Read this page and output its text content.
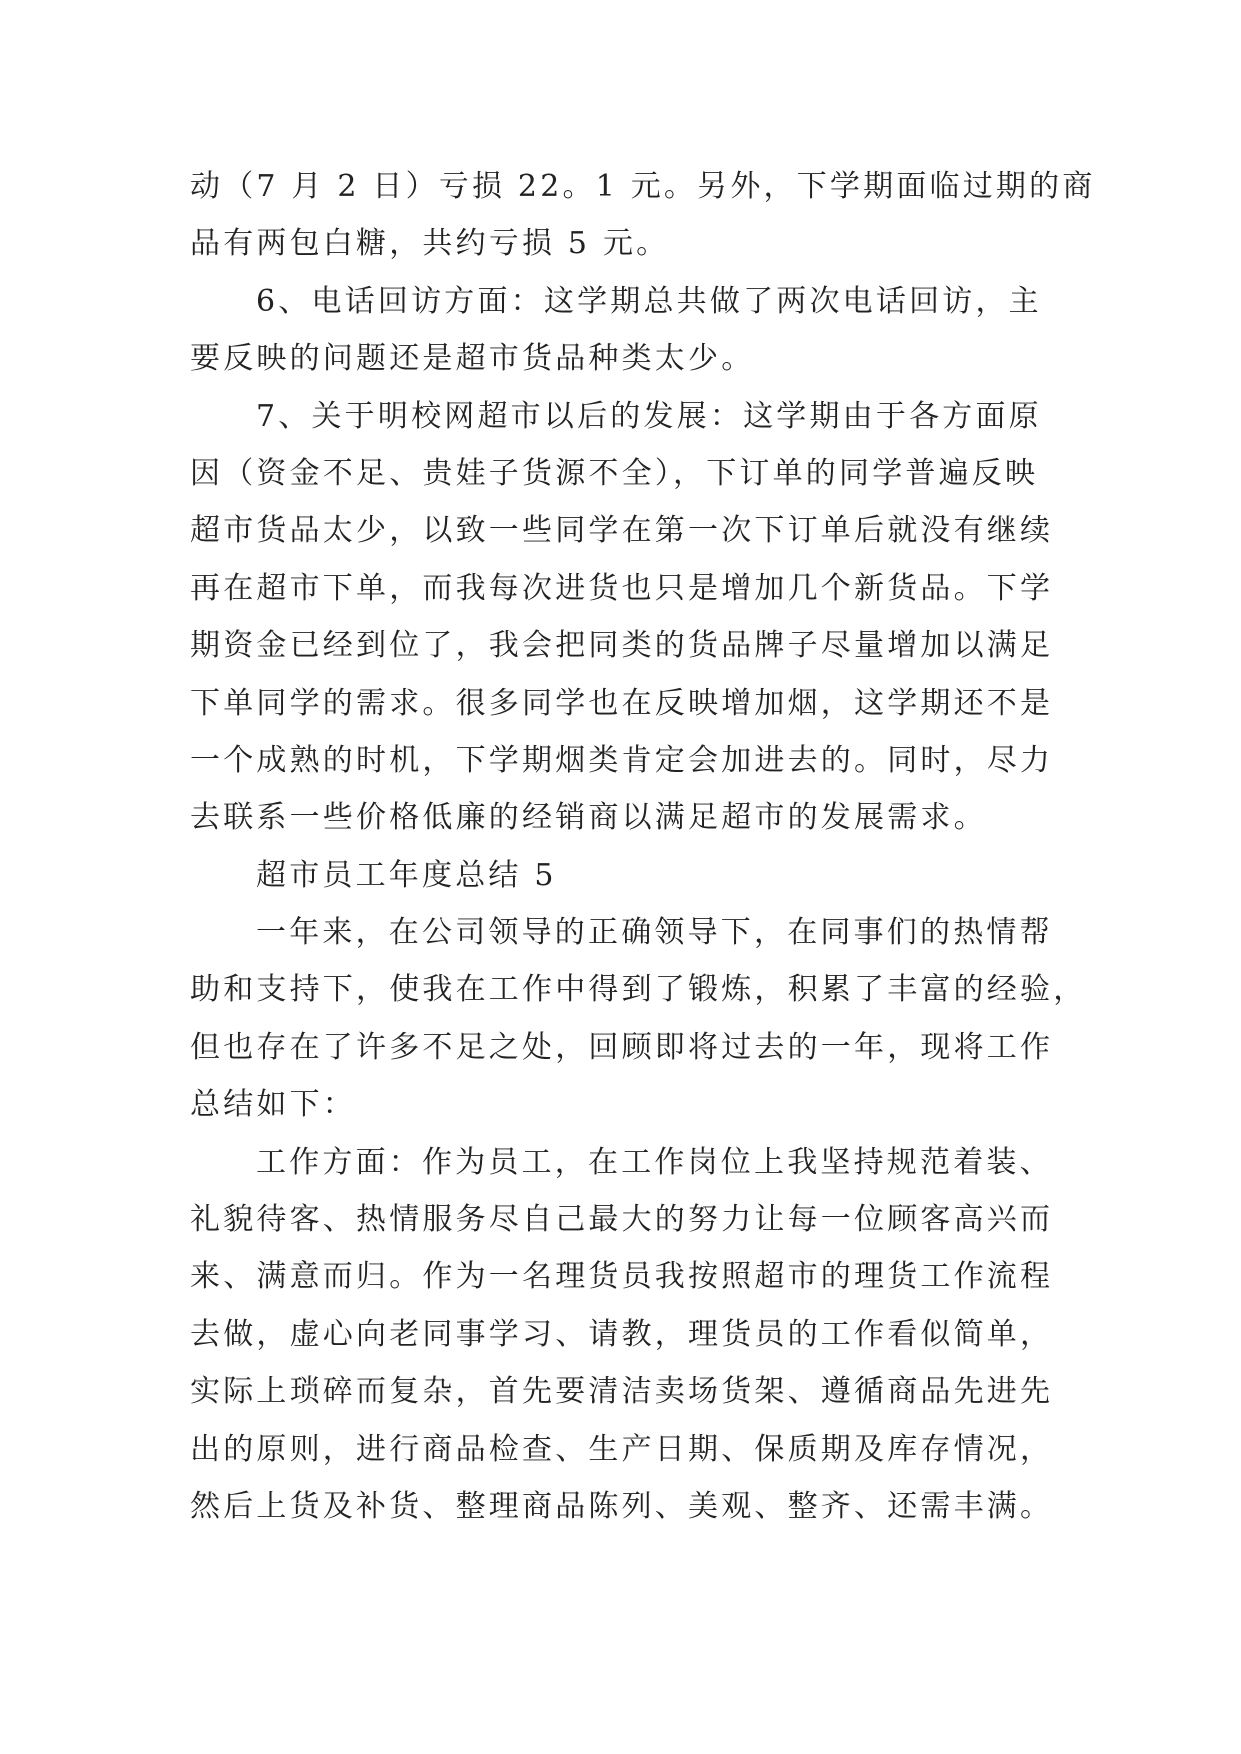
动（7 月 2 日）亏损 22。1 元。另外，下学期面临过期的商
品有两包白糖，共约亏损 5 元。
6、电话回访方面：这学期总共做了两次电话回访，主
要反映的问题还是超市货品种类太少。
7、关于明校网超市以后的发展：这学期由于各方面原
因（资金不足、贵娃子货源不全），下订单的同学普遍反映
超市货品太少，以致一些同学在第一次下订单后就没有继续
再在超市下单，而我每次进货也只是增加几个新货品。下学
期资金已经到位了，我会把同类的货品牌子尽量增加以满足
下单同学的需求。很多同学也在反映增加烟，这学期还不是
一个成熟的时机，下学期烟类肯定会加进去的。同时，尽力
去联系一些价格低廉的经销商以满足超市的发展需求。
超市员工年度总结 5
一年来，在公司领导的正确领导下，在同事们的热情帮
助和支持下，使我在工作中得到了锻炼，积累了丰富的经验，
但也存在了许多不足之处，回顾即将过去的一年，现将工作
总结如下：
工作方面：作为员工，在工作岗位上我坚持规范着装、
礼貌待客、热情服务尽自己最大的努力让每一位顾客高兴而
来、满意而归。作为一名理货员我按照超市的理货工作流程
去做，虚心向老同事学习、请教，理货员的工作看似简单，
实际上琐碎而复杂，首先要清洁卖场货架、遵循商品先进先
出的原则，进行商品检查、生产日期、保质期及库存情况，
然后上货及补货、整理商品陈列、美观、整齐、还需丰满。
